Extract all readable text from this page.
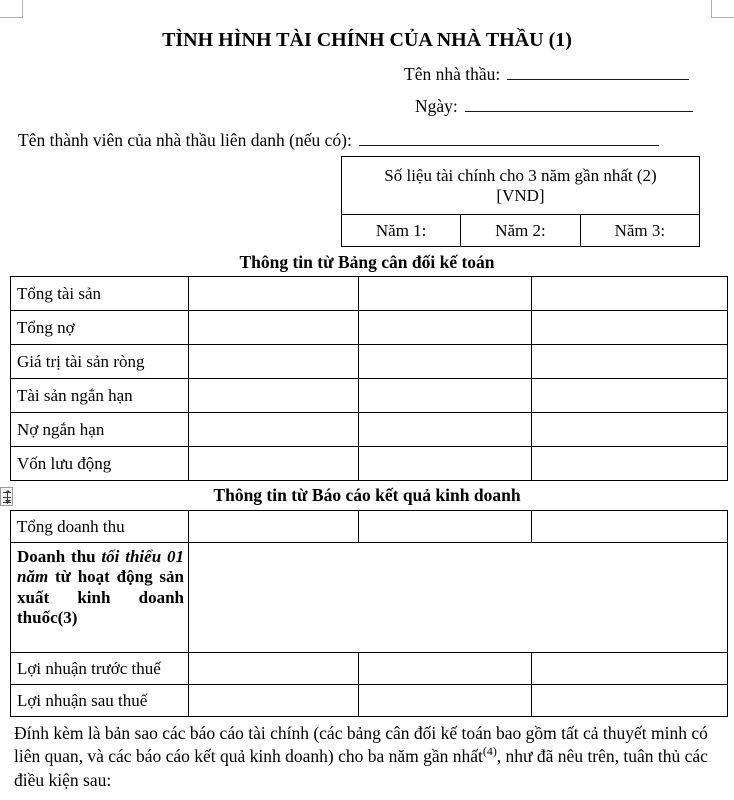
TÌNH HÌNH TÀI CHÍNH CỦA NHÀ THẦU (1)
Tên nhà thầu:
Ngày:
Tên thành viên của nhà thầu liên danh (nếu có):
Số liệu tài chính cho 3 năm gần nhất (2)
[VND]
Năm 1:	Năm 2:	Năm 3:
Thông tin từ Bảng cân đối kế toán
Tổng tài sản			
Tổng nợ			
Giá trị tài sản ròng			
Tài sản ngắn hạn			
Nợ ngắn hạn			
Vốn lưu động			
Thông tin từ Báo cáo kết quả kinh doanh
Tổng doanh thu			
Doanh thu tối thiểu 01 năm từ hoạt động sản xuất kinh doanh thuốc(3)			
Lợi nhuận trước thuế			
Lợi nhuận sau thuế			
Đính kèm là bản sao các báo cáo tài chính (các bảng cân đối kế toán bao gồm tất cả thuyết minh có liên quan, và các báo cáo kết quả kinh doanh) cho ba năm gần nhất$^{(4)}$, như đã nêu trên, tuân thủ các điều kiện sau:
